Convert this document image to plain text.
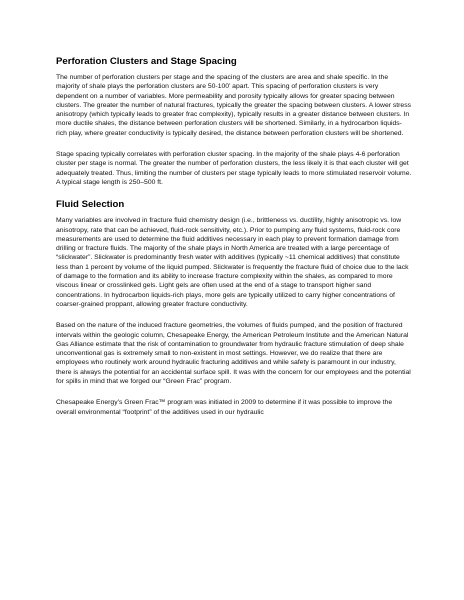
Perforation Clusters and Stage Spacing

The number of perforation clusters per stage and the spacing of the clusters are area and shale specific. In the majority of shale plays the perforation clusters are 50-100’ apart. This spacing of perforation clusters is very dependent on a number of variables. More permeability and porosity typically allows for greater spacing between clusters. The greater the number of natural fractures, typically the greater the spacing between clusters. A lower stress anisotropy (which typically leads to greater frac complexity), typically results in a greater distance between clusters. In more ductile shales, the distance between perforation clusters will be shortened. Similarly, in a hydrocarbon liquids-rich play, where greater conductivity is typically desired, the distance between perforation clusters will be shortened.

Stage spacing typically correlates with perforation cluster spacing. In the majority of the shale plays 4-6 perforation cluster per stage is normal. The greater the number of perforation clusters, the less likely it is that each cluster will get adequately treated. Thus, limiting the number of clusters per stage typically leads to more stimulated reservoir volume. A typical stage length is 250–500 ft.

Fluid Selection

Many variables are involved in fracture fluid chemistry design (i.e., brittleness vs. ductility, highly anisotropic vs. low anisotropy, rate that can be achieved, fluid-rock sensitivity, etc.). Prior to pumping any fluid systems, fluid-rock core measurements are used to determine the fluid additives necessary in each play to prevent formation damage from drilling or fracture fluids. The majority of the shale plays in North America are treated with a large percentage of “slickwater”. Slickwater is predominantly fresh water with additives (typically ~11 chemical additives) that constitute less than 1 percent by volume of the liquid pumped. Slickwater is frequently the fracture fluid of choice due to the lack of damage to the formation and its ability to increase fracture complexity within the shales, as compared to more viscous linear or crosslinked gels. Light gels are often used at the end of a stage to transport higher sand concentrations. In hydrocarbon liquids-rich plays, more gels are typically utilized to carry higher concentrations of coarser-grained proppant, allowing greater fracture conductivity.

Based on the nature of the induced fracture geometries, the volumes of fluids pumped, and the position of fractured intervals within the geologic column, Chesapeake Energy, the American Petroleum Institute and the American Natural Gas Alliance estimate that the risk of contamination to groundwater from hydraulic fracture stimulation of deep shale unconventional gas is extremely small to non-existent in most settings. However, we do realize that there are employees who routinely work around hydraulic fracturing additives and while safety is paramount in our industry, there is always the potential for an accidental surface spill. It was with the concern for our employees and the potential for spills in mind that we forged our “Green Frac” program.

Chesapeake Energy’s Green Frac™ program was initiated in 2009 to determine if it was possible to improve the overall environmental “footprint” of the additives used in our hydraulic
